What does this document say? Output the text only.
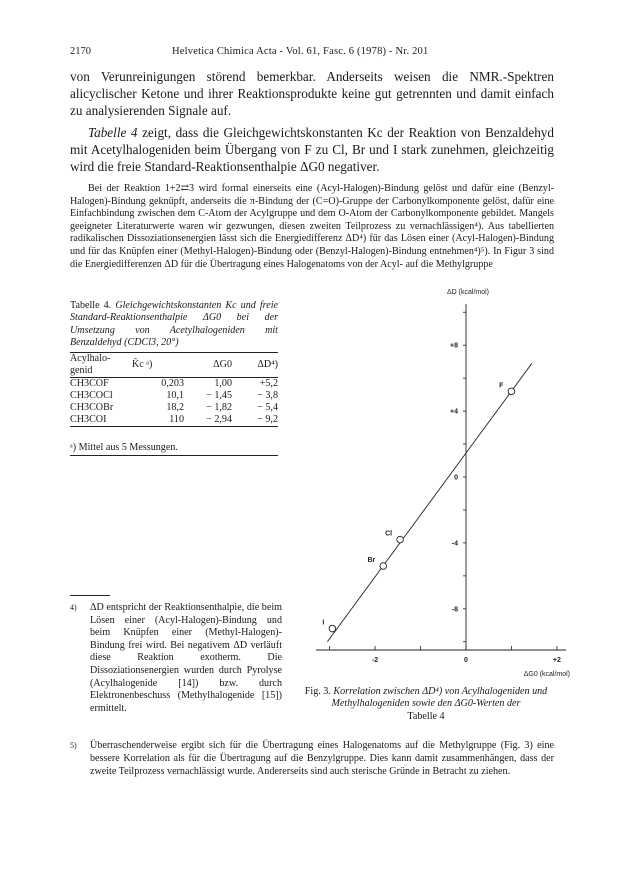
2170	Helvetica Chimica Acta - Vol. 61, Fasc. 6 (1978) - Nr. 201
von Verunreinigungen störend bemerkbar. Anderseits weisen die NMR.-Spektren alicyclischer Ketone und ihrer Reaktionsprodukte keine gut getrennten und damit einfach zu analysierenden Signale auf.
Tabelle 4 zeigt, dass die Gleichgewichtskonstanten Kc der Reaktion von Benzaldehyd mit Acetylhalogeniden beim Übergang von F zu Cl, Br und I stark zunehmen, gleichzeitig wird die freie Standard-Reaktionsenthalpie ΔG0 negativer.
Bei der Reaktion 1+2⇄3 wird formal einerseits eine (Acyl-Halogen)-Bindung gelöst und dafür eine (Benzyl-Halogen)-Bindung geknüpft, anderseits die π-Bindung der (C=O)-Gruppe der Carbonylkomponente gelöst, dafür eine Einfachbindung zwischen dem C-Atom der Acylgruppe und dem O-Atom der Carbonylkomponente gebildet. Mangels geeigneter Literaturwerte waren wir gezwungen, diesen zweiten Teilprozess zu vernachlässigen⁴). Aus tabellierten radikalischen Dissoziationsenergien lässt sich die Energiedifferenz ΔD⁴) für das Lösen einer (Acyl-Halogen)-Bindung und für das Knüpfen einer (Methyl-Halogen)-Bindung oder (Benzyl-Halogen)-Bindung entnehmen⁴)⁵). In Figur 3 sind die Energiedifferenzen ΔD für die Übertragung eines Halogenatoms von der Acyl- auf die Methylgruppe
Tabelle 4. Gleichgewichtskonstanten Kc und freie Standard-Reaktionsenthalpie ΔG0 bei der Umsetzung von Acetylhalogeniden mit Benzaldehyd (CDCl3, 20°)
Acylhalo-genid	K̄c ᵃ)	ΔG0	ΔD⁴)
CH3COF	0,203	1,00	+5,2
CH3COCl	10,1	− 1,45	− 3,8
CH3COBr	18,2	− 1,82	− 5,4
CH3COI	110	− 2,94	− 9,2
ᵃ) Mittel aus 5 Messungen.
4) ΔD entspricht der Reaktionsenthalpie, die beim Lösen einer (Acyl-Halogen)-Bindung und beim Knüpfen einer (Methyl-Halogen)-Bindung frei wird. Bei negativem ΔD verläuft diese Reaktion exotherm. Die Dissoziationsenergien wurden durch Pyrolyse (Acylhalogenide [14]) bzw. durch Elektronenbeschuss (Methylhalogenide [15]) ermittelt.
+8
+4
0
-4
-8
-2	0	+2
ΔD (kcal/mol)
ΔG0 (kcal/mol)
F
Cl
Br
I
Fig. 3. Korrelation zwischen ΔD⁴) von Acylhalogeniden und Methylhalogeniden sowie den ΔG0-Werten der
Tabelle 4
5) Überraschenderweise ergibt sich für die Übertragung eines Halogenatoms auf die Methylgruppe (Fig. 3) eine bessere Korrelation als für die Übertragung auf die Benzylgruppe. Dies kann damit zusammenhängen, dass der zweite Teilprozess vernachlässigt wurde. Andererseits sind auch sterische Gründe in Betracht zu ziehen.
